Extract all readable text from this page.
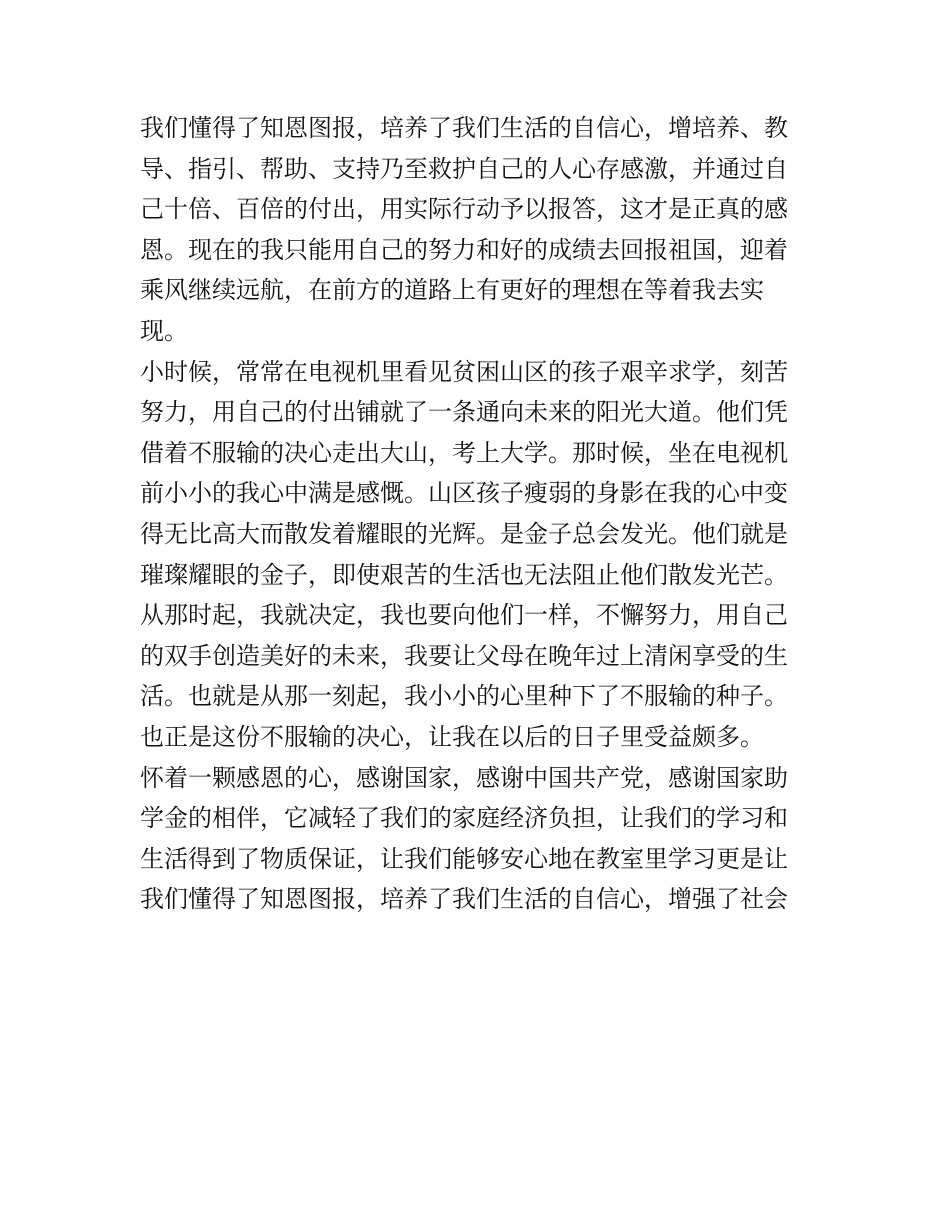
我们懂得了知恩图报，培养了我们生活的自信心，增培养、教
导、指引、帮助、支持乃至救护自己的人心存感激，并通过自
己十倍、百倍的付出，用实际行动予以报答，这才是正真的感
恩。现在的我只能用自己的努力和好的成绩去回报祖国，迎着
乘风继续远航，在前方的道路上有更好的理想在等着我去实
现。
小时候，常常在电视机里看见贫困山区的孩子艰辛求学，刻苦
努力，用自己的付出铺就了一条通向未来的阳光大道。他们凭
借着不服输的决心走出大山，考上大学。那时候，坐在电视机
前小小的我心中满是感慨。山区孩子瘦弱的身影在我的心中变
得无比高大而散发着耀眼的光辉。是金子总会发光。他们就是
璀璨耀眼的金子，即使艰苦的生活也无法阻止他们散发光芒。
从那时起，我就决定，我也要向他们一样，不懈努力，用自己
的双手创造美好的未来，我要让父母在晚年过上清闲享受的生
活。也就是从那一刻起，我小小的心里种下了不服输的种子。
也正是这份不服输的决心，让我在以后的日子里受益颇多。
怀着一颗感恩的心，感谢国家，感谢中国共产党，感谢国家助
学金的相伴，它减轻了我们的家庭经济负担，让我们的学习和
生活得到了物质保证，让我们能够安心地在教室里学习更是让
我们懂得了知恩图报，培养了我们生活的自信心，增强了社会
